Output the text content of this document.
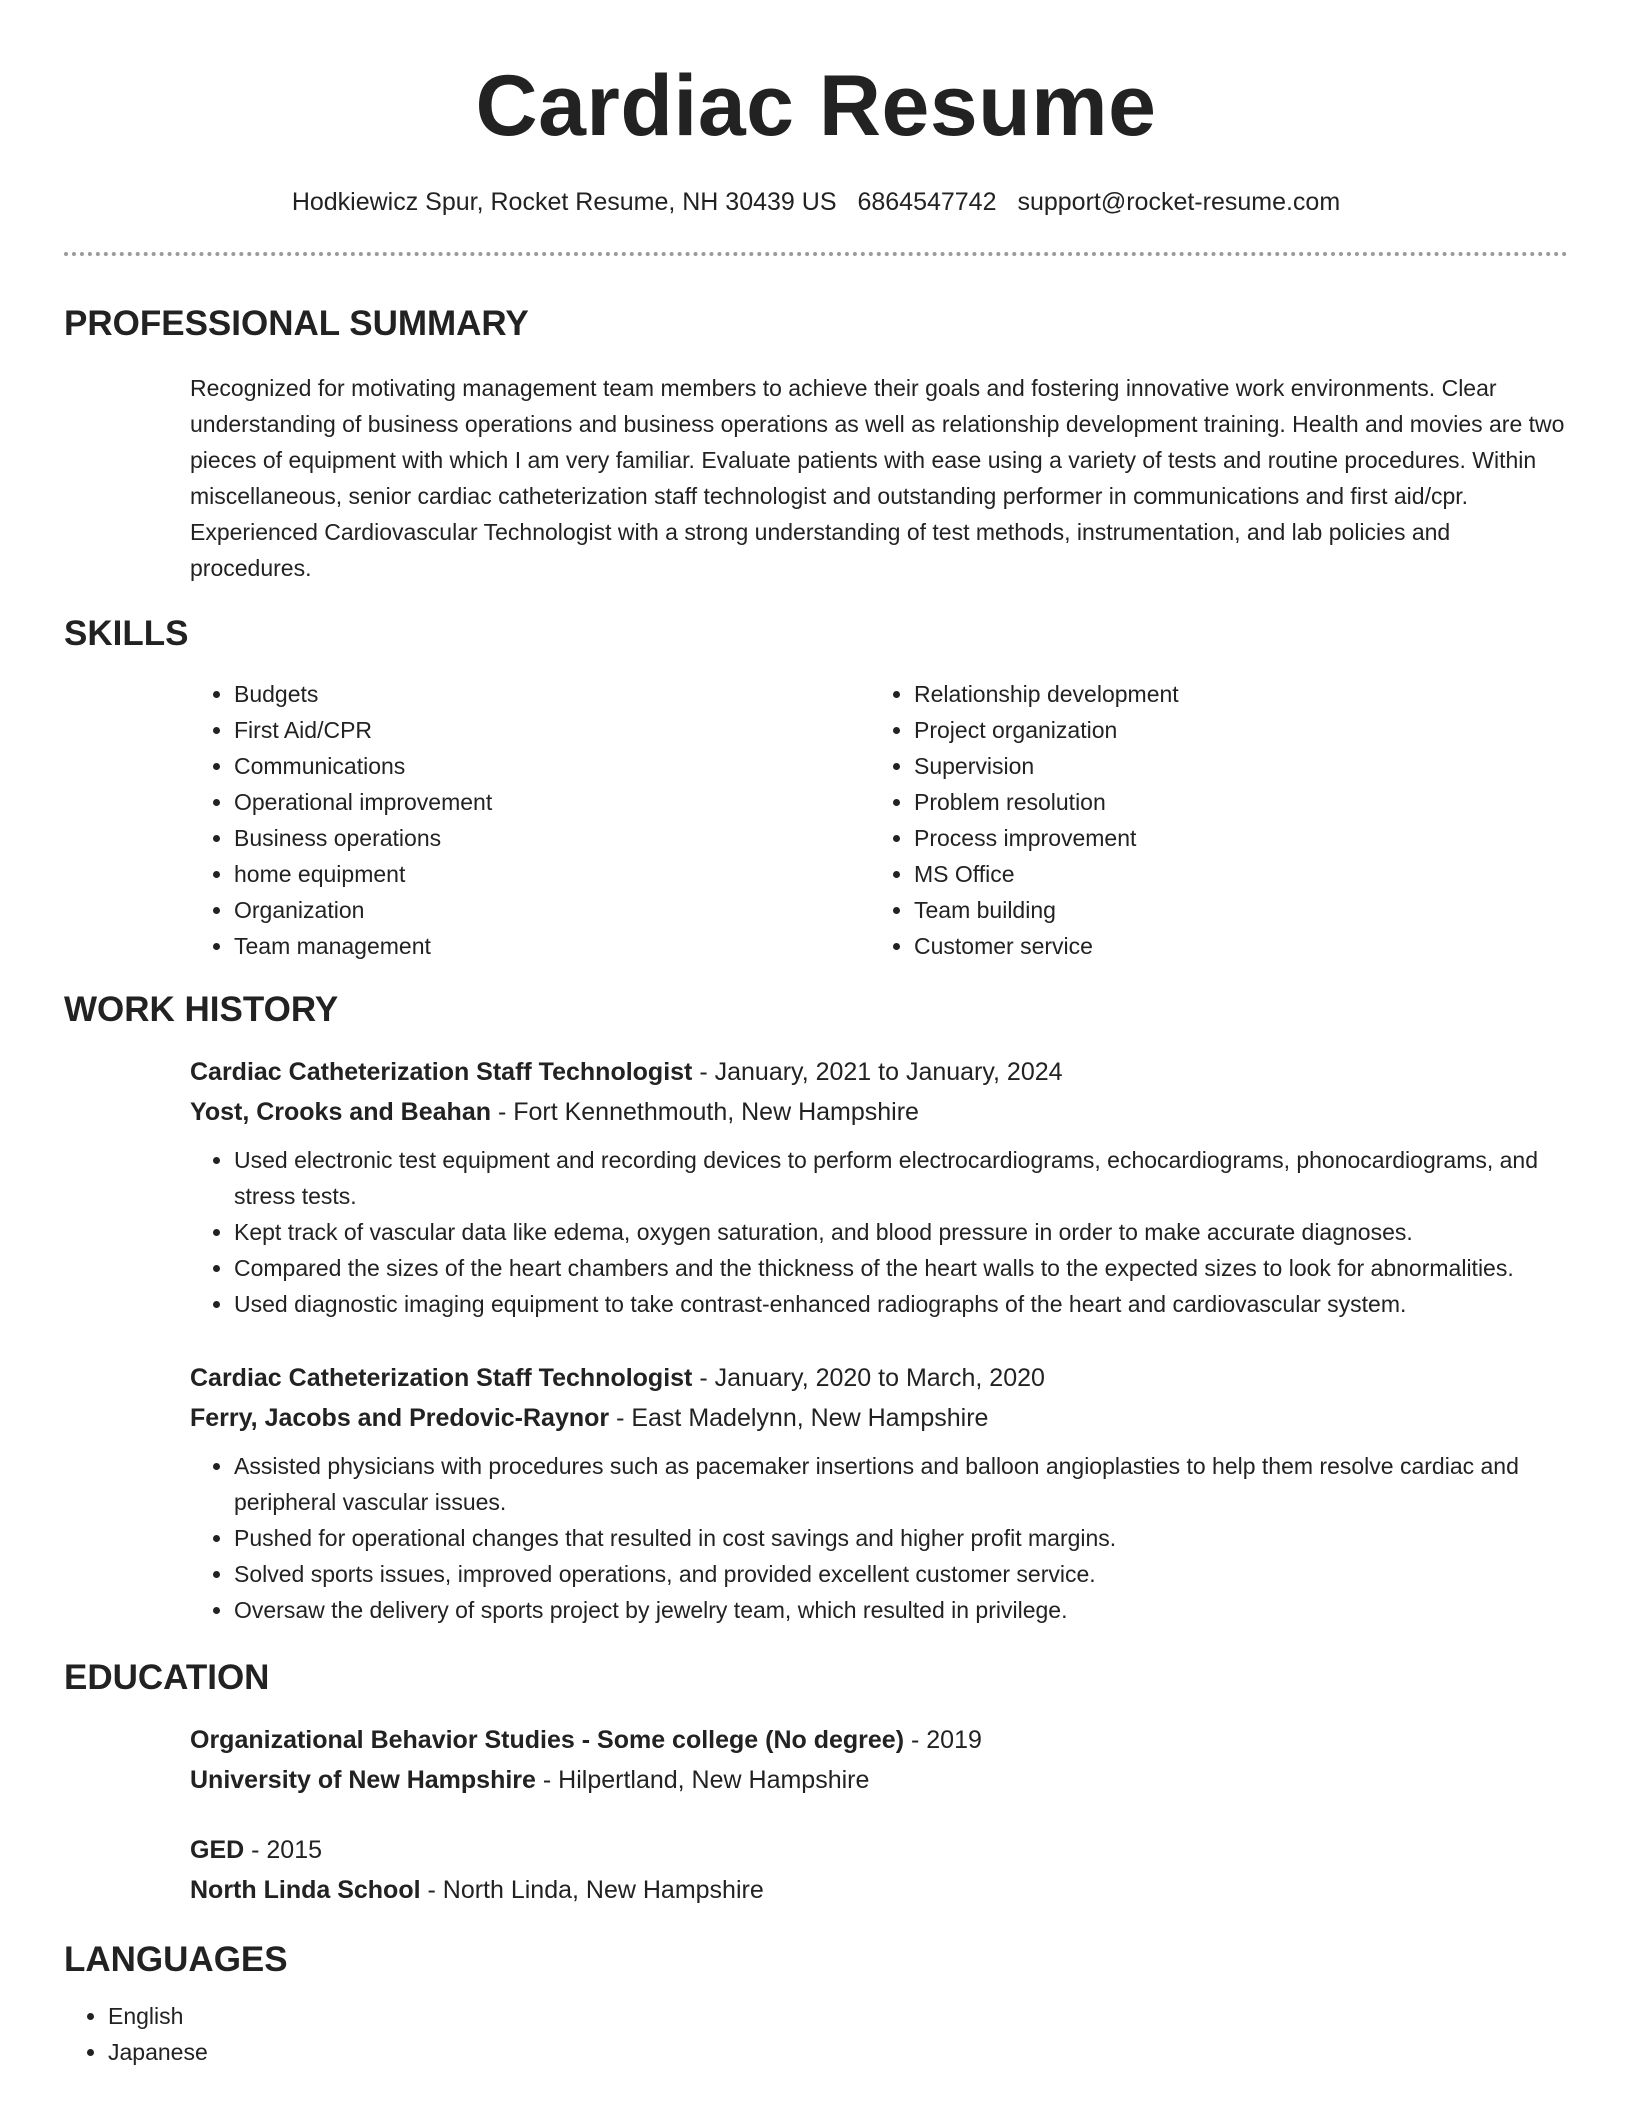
Cardiac Resume
Hodkiewicz Spur, Rocket Resume, NH 30439 US 6864547742 support@rocket-resume.com
PROFESSIONAL SUMMARY
Recognized for motivating management team members to achieve their goals and fostering innovative work environments. Clear understanding of business operations and business operations as well as relationship development training. Health and movies are two pieces of equipment with which I am very familiar. Evaluate patients with ease using a variety of tests and routine procedures. Within miscellaneous, senior cardiac catheterization staff technologist and outstanding performer in communications and first aid/cpr. Experienced Cardiovascular Technologist with a strong understanding of test methods, instrumentation, and lab policies and procedures.
SKILLS
• Budgets
• First Aid/CPR
• Communications
• Operational improvement
• Business operations
• home equipment
• Organization
• Team management
• Relationship development
• Project organization
• Supervision
• Problem resolution
• Process improvement
• MS Office
• Team building
• Customer service
WORK HISTORY
Cardiac Catheterization Staff Technologist - January, 2021 to January, 2024
Yost, Crooks and Beahan - Fort Kennethmouth, New Hampshire
• Used electronic test equipment and recording devices to perform electrocardiograms, echocardiograms, phonocardiograms, and stress tests.
• Kept track of vascular data like edema, oxygen saturation, and blood pressure in order to make accurate diagnoses.
• Compared the sizes of the heart chambers and the thickness of the heart walls to the expected sizes to look for abnormalities.
• Used diagnostic imaging equipment to take contrast-enhanced radiographs of the heart and cardiovascular system.
Cardiac Catheterization Staff Technologist - January, 2020 to March, 2020
Ferry, Jacobs and Predovic-Raynor - East Madelynn, New Hampshire
• Assisted physicians with procedures such as pacemaker insertions and balloon angioplasties to help them resolve cardiac and peripheral vascular issues.
• Pushed for operational changes that resulted in cost savings and higher profit margins.
• Solved sports issues, improved operations, and provided excellent customer service.
• Oversaw the delivery of sports project by jewelry team, which resulted in privilege.
EDUCATION
Organizational Behavior Studies - Some college (No degree) - 2019
University of New Hampshire - Hilpertland, New Hampshire
GED - 2015
North Linda School - North Linda, New Hampshire
LANGUAGES
• English
• Japanese
